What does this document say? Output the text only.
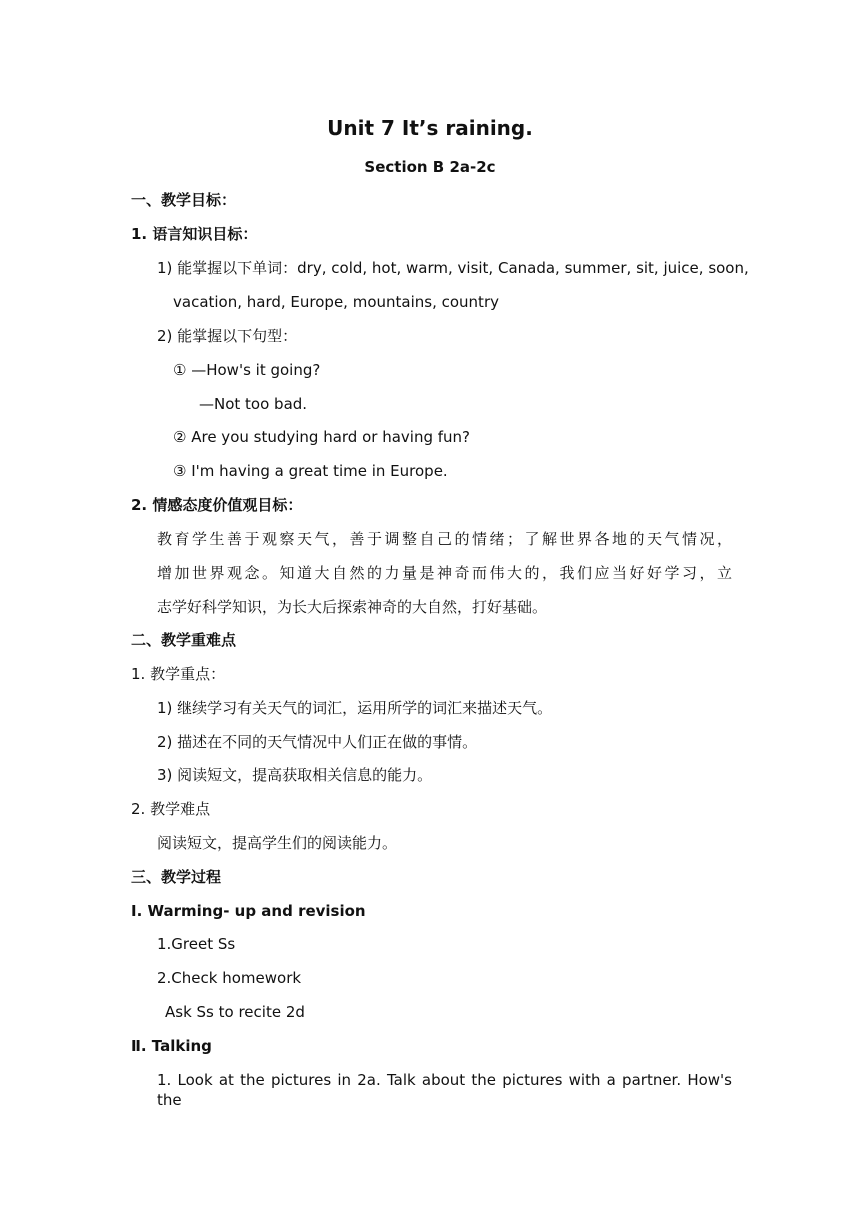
Unit 7 It’s raining.
Section B 2a-2c
一、教学目标：
1. 语言知识目标：
1) 能掌握以下单词：dry, cold, hot, warm, visit, Canada, summer, sit, juice, soon,
vacation, hard, Europe, mountains, country
2) 能掌握以下句型：
① —How's it going?
—Not too bad.
② Are you studying hard or having fun?
③ I'm having a great time in Europe.
2. 情感态度价值观目标：
教育学生善于观察天气，善于调整自己的情绪；了解世界各地的天气情况，
增加世界观念。知道大自然的力量是神奇而伟大的，我们应当好好学习，立
志学好科学知识，为长大后探索神奇的大自然，打好基础。
二、教学重难点
1. 教学重点：
1) 继续学习有关天气的词汇，运用所学的词汇来描述天气。
2) 描述在不同的天气情况中人们正在做的事情。
3) 阅读短文，提高获取相关信息的能力。
2. 教学难点
阅读短文，提高学生们的阅读能力。
三、教学过程
Ⅰ. Warming- up and revision
1.Greet Ss
2.Check homework
Ask Ss to recite 2d
Ⅱ. Talking
1. Look at the pictures in 2a. Talk about the pictures with a partner. How's the
